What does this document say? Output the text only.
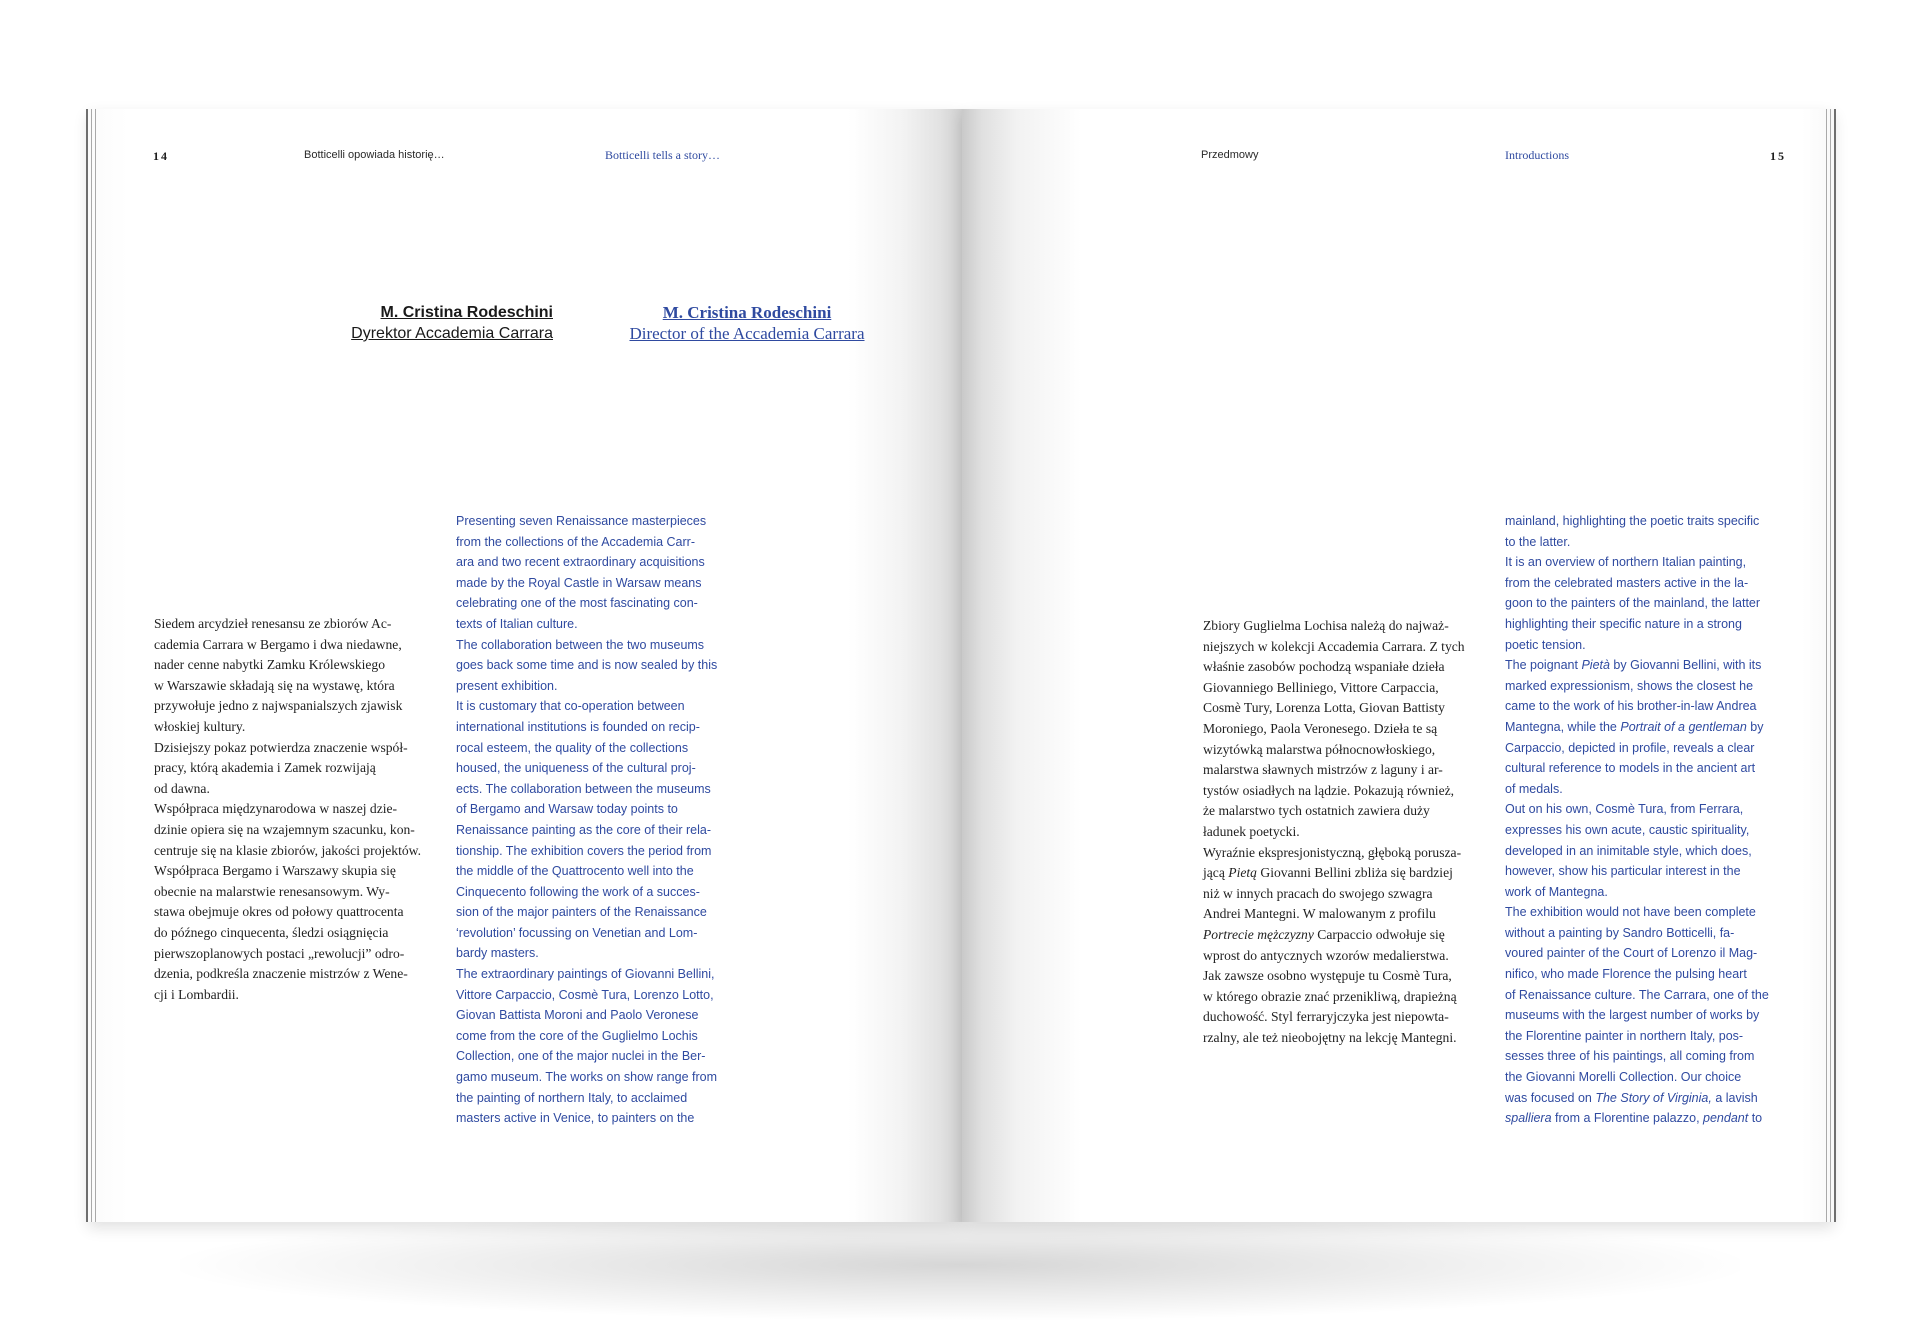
14	Botticelli opowiada historię…	Botticelli tells a story…	Przedmowy	Introductions	15
M. Cristina Rodeschini
Dyrektor Accademia Carrara
M. Cristina Rodeschini
Director of the Accademia Carrara

Siedem arcydzieł renesansu ze zbiorów Ac-
cademia Carrara w Bergamo i dwa niedawne,
nader cenne nabytki Zamku Królewskiego
w Warszawie składają się na wystawę, która
przywołuje jedno z najwspanialszych zjawisk
włoskiej kultury.

Dzisiejszy pokaz potwierdza znaczenie współ-
pracy, którą akademia i Zamek rozwijają
od dawna.

Współpraca międzynarodowa w naszej dzie-
dzinie opiera się na wzajemnym szacunku, kon-
centruje się na klasie zbiorów, jakości projektów.
Współpraca Bergamo i Warszawy skupia się
obecnie na malarstwie renesansowym. Wy-
stawa obejmuje okres od połowy quattrocenta
do późnego cinquecenta, śledzi osiągnięcia
pierwszoplanowych postaci „rewolucji” odro-
dzenia, podkreśla znaczenie mistrzów z Wene-
cji i Lombardii.

Presenting seven Renaissance masterpieces
from the collections of the Accademia Carr-
ara and two recent extraordinary acquisitions
made by the Royal Castle in Warsaw means
celebrating one of the most fascinating con-
texts of Italian culture.

The collaboration between the two museums
goes back some time and is now sealed by this
present exhibition.

It is customary that co-operation between
international institutions is founded on recip-
rocal esteem, the quality of the collections
housed, the uniqueness of the cultural proj-
ects. The collaboration between the museums
of Bergamo and Warsaw today points to
Renaissance painting as the core of their rela-
tionship. The exhibition covers the period from
the middle of the Quattrocento well into the
Cinquecento following the work of a succes-
sion of the major painters of the Renaissance
‘revolution’ focussing on Venetian and Lom-
bardy masters.

The extraordinary paintings of Giovanni Bellini,
Vittore Carpaccio, Cosmè Tura, Lorenzo Lotto,
Giovan Battista Moroni and Paolo Veronese
come from the core of the Guglielmo Lochis
Collection, one of the major nuclei in the Ber-
gamo museum. The works on show range from
the painting of northern Italy, to acclaimed
masters active in Venice, to painters on the

Zbiory Guglielma Lochisa należą do najważ-
niejszych w kolekcji Accademia Carrara. Z tych
właśnie zasobów pochodzą wspaniałe dzieła
Giovanniego Belliniego, Vittore Carpaccia,
Cosmè Tury, Lorenza Lotta, Giovan Battisty
Moroniego, Paola Veronesego. Dzieła te są
wizytówką malarstwa północnowłoskiego,
malarstwa sławnych mistrzów z laguny i ar-
tystów osiadłych na lądzie. Pokazują również,
że malarstwo tych ostatnich zawiera duży
ładunek poetycki.

Wyraźnie ekspresjonistyczną, głęboką porusza-
jącą Pietą Giovanni Bellini zbliża się bardziej
niż w innych pracach do swojego szwagra
Andrei Mantegni. W malowanym z profilu
Portrecie mężczyzny Carpaccio odwołuje się
wprost do antycznych wzorów medalierstwa.
Jak zawsze osobno występuje tu Cosmè Tura,
w którego obrazie znać przenikliwą, drapieżną
duchowość. Styl ferraryjczyka jest niepowta-
rzalny, ale też nieobojętny na lekcję Mantegni.

mainland, highlighting the poetic traits specific
to the latter.

It is an overview of northern Italian painting,
from the celebrated masters active in the la-
goon to the painters of the mainland, the latter
highlighting their specific nature in a strong
poetic tension.

The poignant Pietà by Giovanni Bellini, with its
marked expressionism, shows the closest he
came to the work of his brother-in-law Andrea
Mantegna, while the Portrait of a gentleman by
Carpaccio, depicted in profile, reveals a clear
cultural reference to models in the ancient art
of medals.

Out on his own, Cosmè Tura, from Ferrara,
expresses his own acute, caustic spirituality,
developed in an inimitable style, which does,
however, show his particular interest in the
work of Mantegna.

The exhibition would not have been complete
without a painting by Sandro Botticelli, fa-
voured painter of the Court of Lorenzo il Mag-
nifico, who made Florence the pulsing heart
of Renaissance culture. The Carrara, one of the
museums with the largest number of works by
the Florentine painter in northern Italy, pos-
sesses three of his paintings, all coming from
the Giovanni Morelli Collection. Our choice
was focused on The Story of Virginia, a lavish
spalliera from a Florentine palazzo, pendant to
